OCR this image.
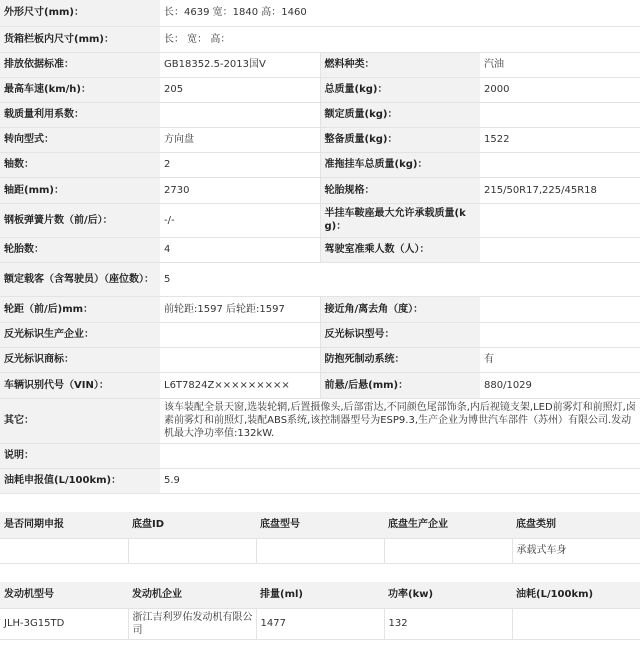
外形尺寸(mm)：	长：4639 宽：1840 高：1460		
货箱栏板内尺寸(mm)：	长： 宽： 高：		
排放依据标准：	GB18352.5-2013国Ⅴ	燃料种类：	汽油
最高车速(km/h)：	205	总质量(kg)：	2000
载质量利用系数：		额定质量(kg)：	
转向型式：	方向盘	整备质量(kg)：	1522
轴数：	2	准拖挂车总质量(kg)：	
轴距(mm)：	2730	轮胎规格：	215/50R17,225/45R18
钢板弹簧片数（前/后）：	-/-	半挂车鞍座最大允许承载质量(kg)：	
轮胎数：	4	驾驶室准乘人数（人）：	
额定载客（含驾驶员）（座位数）：	5		
轮距（前/后)mm：	前轮距:1597 后轮距:1597	接近角/离去角（度）：	
反光标识生产企业：		反光标识型号：	
反光标识商标：		防抱死制动系统：	有
车辆识别代号（VIN）：	L6T7824Z×××××××××	前悬/后悬(mm)：	880/1029
其它：	该车装配全景天窗,选装轮辋,后置摄像头,后部雷达,不同颜色尾部饰条,内后视镜支架,LED前雾灯和前照灯,卤素前雾灯和前照灯,装配ABS系统,该控制器型号为ESP9.3,生产企业为博世汽车部件（苏州）有限公司.发动机最大净功率值:132kW.		
说明：			
油耗申报值(L/100km)：	5.9		
是否同期申报	底盘ID	底盘型号	底盘生产企业	底盘类别
				承载式车身
发动机型号	发动机企业	排量(ml)	功率(kw)	油耗(L/100km)
JLH-3G15TD	浙江吉利罗佑发动机有限公司	1477	132	
